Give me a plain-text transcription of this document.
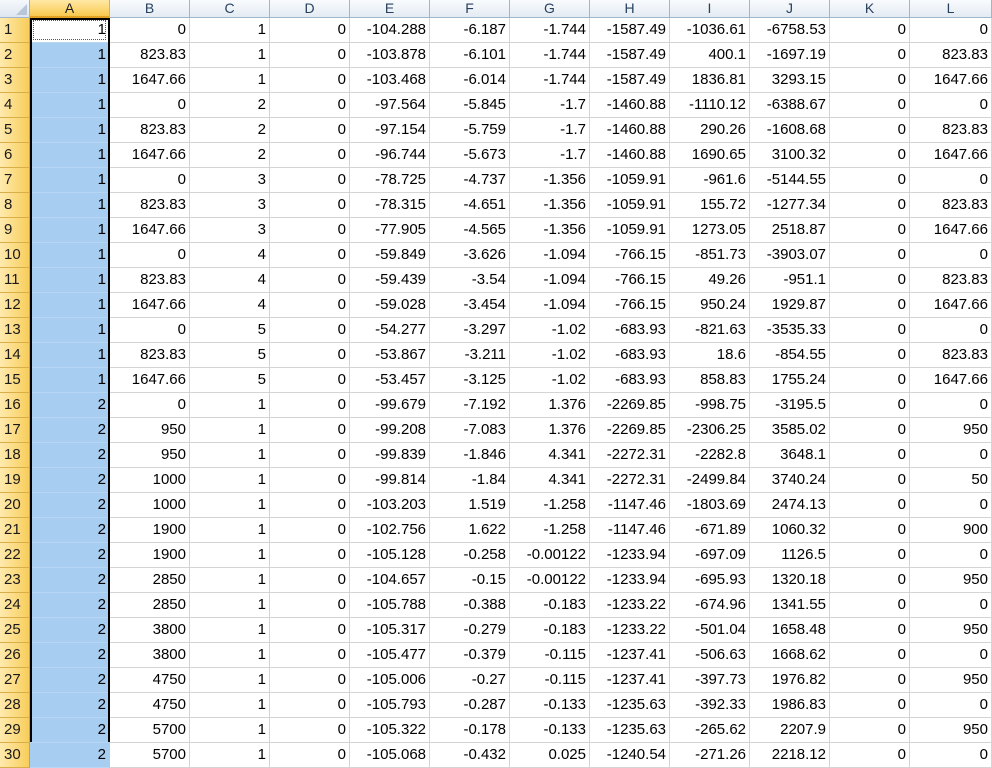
A	B	C	D	E	F	G	H	I	J	K	L
1	1	0	1	0	-104.288	-6.187	-1.744	-1587.49	-1036.61	-6758.53	0	0
2	1	823.83	1	0	-103.878	-6.101	-1.744	-1587.49	400.1	-1697.19	0	823.83
3	1	1647.66	1	0	-103.468	-6.014	-1.744	-1587.49	1836.81	3293.15	0	1647.66
4	1	0	2	0	-97.564	-5.845	-1.7	-1460.88	-1110.12	-6388.67	0	0
5	1	823.83	2	0	-97.154	-5.759	-1.7	-1460.88	290.26	-1608.68	0	823.83
6	1	1647.66	2	0	-96.744	-5.673	-1.7	-1460.88	1690.65	3100.32	0	1647.66
7	1	0	3	0	-78.725	-4.737	-1.356	-1059.91	-961.6	-5144.55	0	0
8	1	823.83	3	0	-78.315	-4.651	-1.356	-1059.91	155.72	-1277.34	0	823.83
9	1	1647.66	3	0	-77.905	-4.565	-1.356	-1059.91	1273.05	2518.87	0	1647.66
10	1	0	4	0	-59.849	-3.626	-1.094	-766.15	-851.73	-3903.07	0	0
11	1	823.83	4	0	-59.439	-3.54	-1.094	-766.15	49.26	-951.1	0	823.83
12	1	1647.66	4	0	-59.028	-3.454	-1.094	-766.15	950.24	1929.87	0	1647.66
13	1	0	5	0	-54.277	-3.297	-1.02	-683.93	-821.63	-3535.33	0	0
14	1	823.83	5	0	-53.867	-3.211	-1.02	-683.93	18.6	-854.55	0	823.83
15	1	1647.66	5	0	-53.457	-3.125	-1.02	-683.93	858.83	1755.24	0	1647.66
16	2	0	1	0	-99.679	-7.192	1.376	-2269.85	-998.75	-3195.5	0	0
17	2	950	1	0	-99.208	-7.083	1.376	-2269.85	-2306.25	3585.02	0	950
18	2	950	1	0	-99.839	-1.846	4.341	-2272.31	-2282.8	3648.1	0	0
19	2	1000	1	0	-99.814	-1.84	4.341	-2272.31	-2499.84	3740.24	0	50
20	2	1000	1	0	-103.203	1.519	-1.258	-1147.46	-1803.69	2474.13	0	0
21	2	1900	1	0	-102.756	1.622	-1.258	-1147.46	-671.89	1060.32	0	900
22	2	1900	1	0	-105.128	-0.258	-0.00122	-1233.94	-697.09	1126.5	0	0
23	2	2850	1	0	-104.657	-0.15	-0.00122	-1233.94	-695.93	1320.18	0	950
24	2	2850	1	0	-105.788	-0.388	-0.183	-1233.22	-674.96	1341.55	0	0
25	2	3800	1	0	-105.317	-0.279	-0.183	-1233.22	-501.04	1658.48	0	950
26	2	3800	1	0	-105.477	-0.379	-0.115	-1237.41	-506.63	1668.62	0	0
27	2	4750	1	0	-105.006	-0.27	-0.115	-1237.41	-397.73	1976.82	0	950
28	2	4750	1	0	-105.793	-0.287	-0.133	-1235.63	-392.33	1986.83	0	0
29	2	5700	1	0	-105.322	-0.178	-0.133	-1235.63	-265.62	2207.9	0	950
30	2	5700	1	0	-105.068	-0.432	0.025	-1240.54	-271.26	2218.12	0	0
